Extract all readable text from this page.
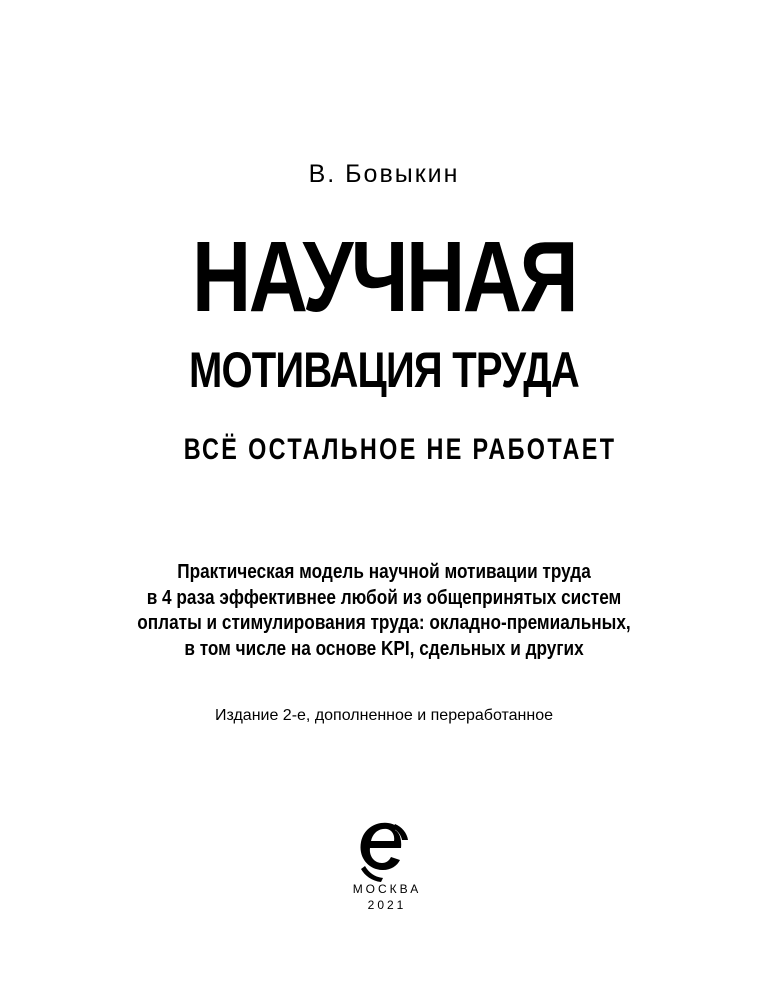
В. Бовыкин
НАУЧНАЯ
МОТИВАЦИЯ ТРУДА
ВСЁ ОСТАЛЬНОЕ НЕ РАБОТАЕТ
Практическая модель научной мотивации труда
в 4 раза эффективнее любой из общепринятых систем
оплаты и стимулирования труда: окладно-премиальных,
в том числе на основе KPI, сдельных и других
Издание 2-е, дополненное и переработанное
МОСКВА
2021
